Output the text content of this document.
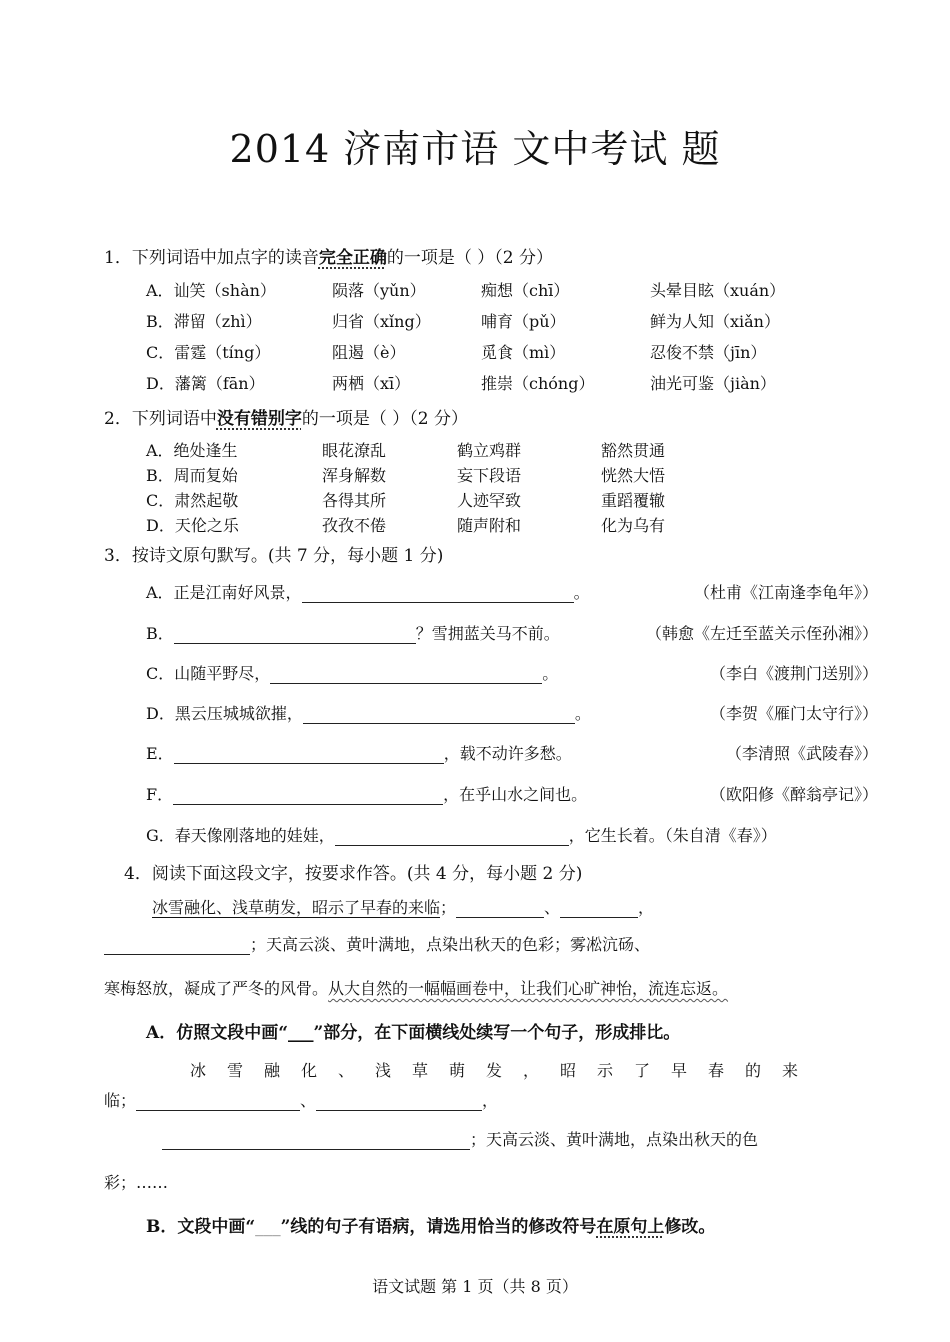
2014 济南市语 文中考试 题
1．下列词语中加点字的读音完全正确的一项是（ ）（2 分）
A．讪笑（shàn）	陨落（yǔn）	痴想（chī）	头晕目眩（xuán）
B．滞留（zhì）	归省（xǐng）	哺育（pǔ）	鲜为人知（xiǎn）
C．雷霆（tíng）	阻遏（è）	觅食（mì）	忍俊不禁（jīn）
D．藩篱（fān）	两栖（xī）	推崇（chóng）	油光可鉴（jiàn）
2．下列词语中没有错别字的一项是（ ）（2 分）
A．绝处逢生	眼花潦乱	鹤立鸡群	豁然贯通
B．周而复始	浑身解数	妄下段语	恍然大悟
C．肃然起敬	各得其所	人迹罕致	重蹈覆辙
D．天伦之乐	孜孜不倦	随声附和	化为乌有
3．按诗文原句默写。(共 7 分，每小题 1 分)
A．正是江南好风景，	。	（杜甫《江南逢李龟年》）
B．	？雪拥蓝关马不前。	（韩愈《左迁至蓝关示侄孙湘》）
C．山随平野尽，	。	（李白《渡荆门送别》）
D．黑云压城城欲摧，	。	（李贺《雁门太守行》）
E．	，载不动许多愁。	（李清照《武陵春》）
F．	，在乎山水之间也。	（欧阳修《醉翁亭记》）
G．春天像刚落地的娃娃，	，它生长着。（朱自清《春》）
4．阅读下面这段文字，按要求作答。(共 4 分，每小题 2 分)
冰雪融化、浅草萌发，昭示了早春的来临；	、	，
；天高云淡、黄叶满地，点染出秋天的色彩；雾凇沆砀、
寒梅怒放，凝成了严冬的风骨。从大自然的一幅幅画卷中，让我们心旷神怡，流连忘返。
A．仿照文段中画“___”部分，在下面横线处续写一个句子，形成排比。
冰雪融化、浅草萌发，昭示了早春的来
临；	、	，
；天高云淡、黄叶满地，点染出秋天的色
彩；……
B．文段中画“___”线的句子有语病，请选用恰当的修改符号在原句上修改。
语文试题 第 1 页（共 8 页）
